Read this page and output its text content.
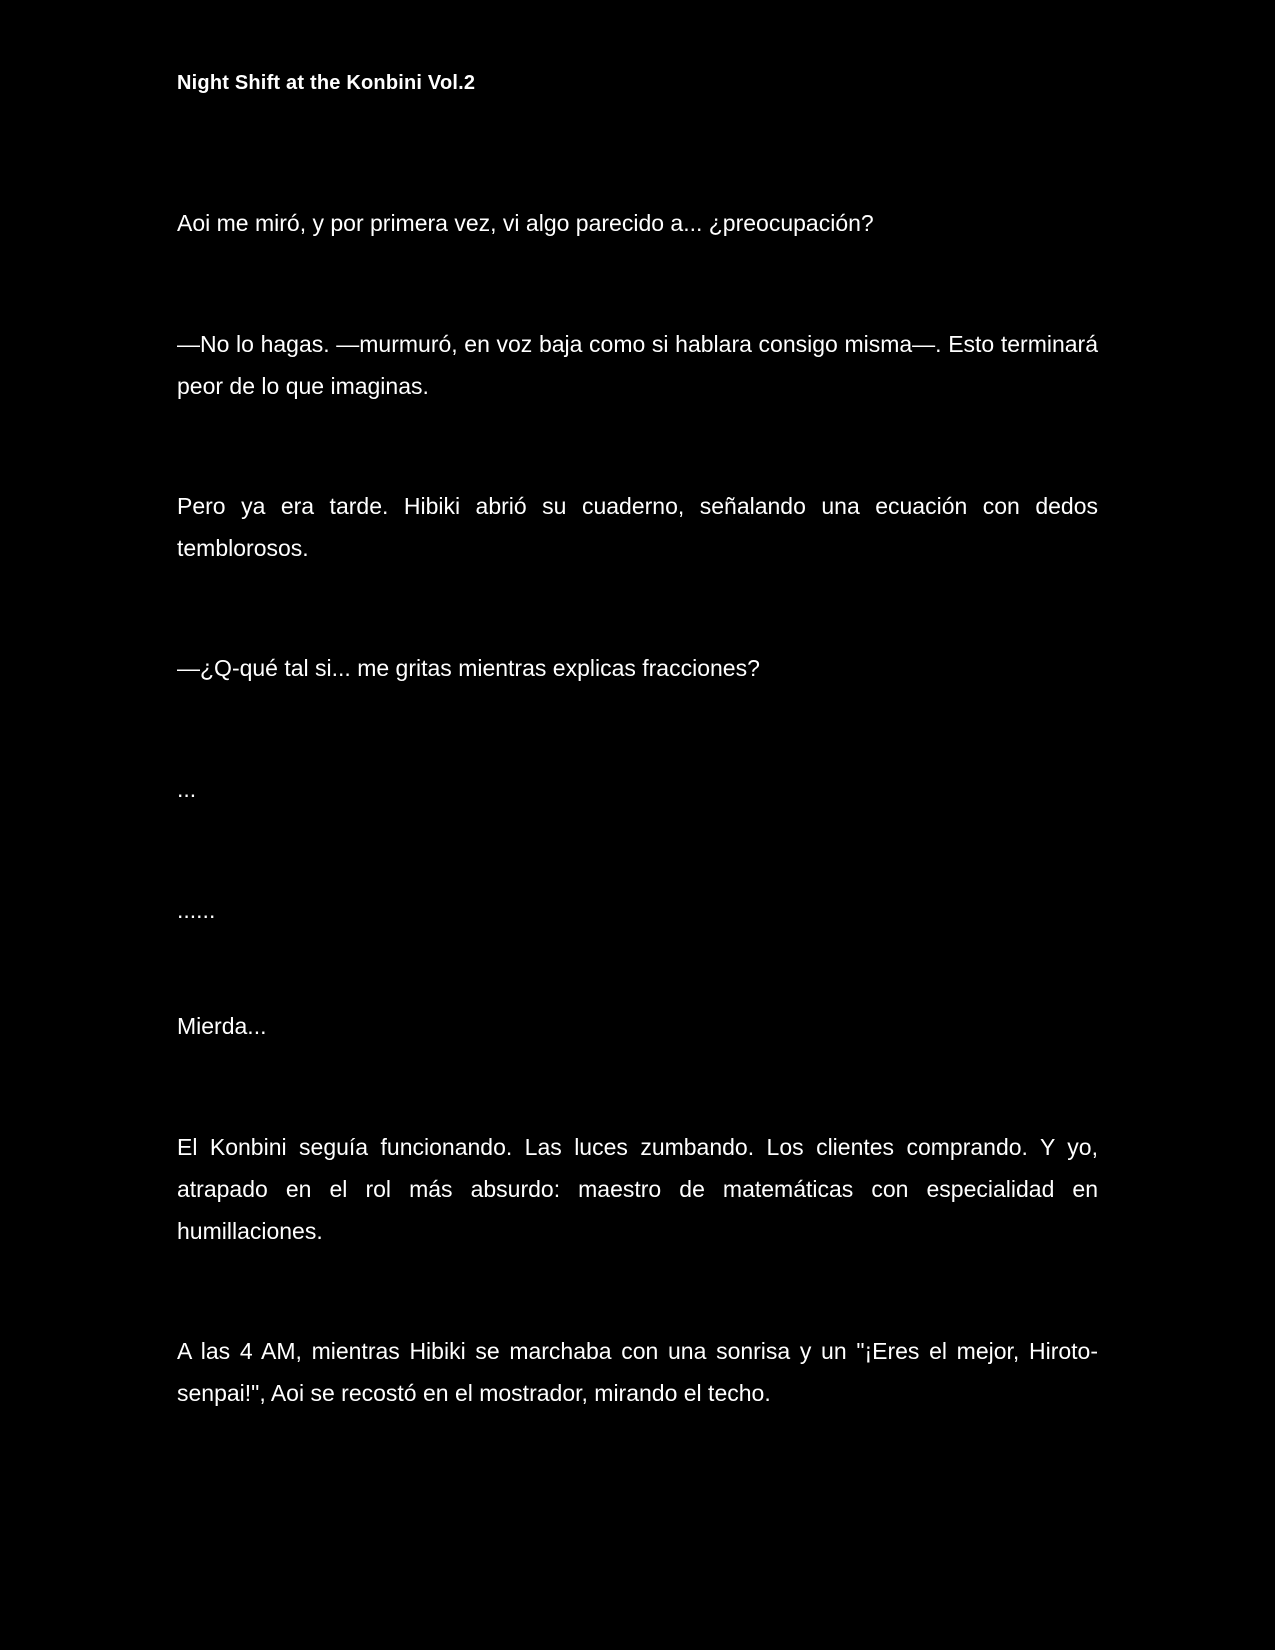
Night Shift at the Konbini Vol.2

Aoi me miró, y por primera vez, vi algo parecido a... ¿preocupación?

—No lo hagas. —murmuró, en voz baja como si hablara consigo misma—. Esto terminará peor de lo que imaginas.

Pero ya era tarde. Hibiki abrió su cuaderno, señalando una ecuación con dedos temblorosos.

—¿Q-qué tal si... me gritas mientras explicas fracciones?

...

......

Mierda...

El Konbini seguía funcionando. Las luces zumbando. Los clientes comprando. Y yo, atrapado en el rol más absurdo: maestro de matemáticas con especialidad en humillaciones.

A las 4 AM, mientras Hibiki se marchaba con una sonrisa y un "¡Eres el mejor, Hiroto-senpai!", Aoi se recostó en el mostrador, mirando el techo.
